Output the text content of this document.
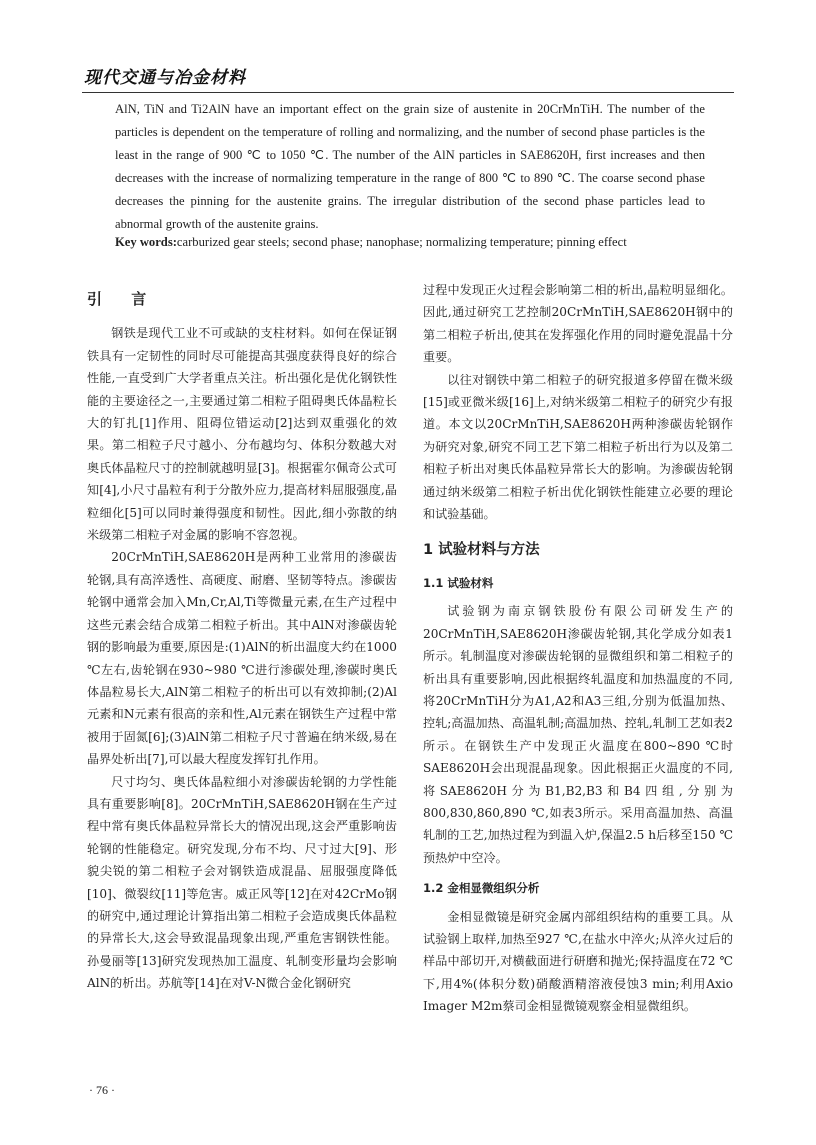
现代交通与冶金材料
AlN, TiN and Ti2AlN have an important effect on the grain size of austenite in 20CrMnTiH. The number of the particles is dependent on the temperature of rolling and normalizing, and the number of second phase particles is the least in the range of 900 ℃ to 1050 ℃. The number of the AlN particles in SAE8620H, first increases and then decreases with the increase of normalizing temperature in the range of 800 ℃ to 890 ℃. The coarse second phase decreases the pinning for the austenite grains. The irregular distribution of the second phase particles lead to abnormal growth of the austenite grains.
Key words:carburized gear steels; second phase; nanophase; normalizing temperature; pinning effect

引 言

钢铁是现代工业不可或缺的支柱材料。如何在保证钢铁具有一定韧性的同时尽可能提高其强度获得良好的综合性能,一直受到广大学者重点关注。析出强化是优化钢铁性能的主要途径之一,主要通过第二相粒子阻碍奥氏体晶粒长大的钉扎[1]作用、阻碍位错运动[2]达到双重强化的效果。第二相粒子尺寸越小、分布越均匀、体积分数越大对奥氏体晶粒尺寸的控制就越明显[3]。根据霍尔佩奇公式可知[4],小尺寸晶粒有利于分散外应力,提高材料屈服强度,晶粒细化[5]可以同时兼得强度和韧性。因此,细小弥散的纳米级第二相粒子对金属的影响不容忽视。

20CrMnTiH,SAE8620H是两种工业常用的渗碳齿轮钢,具有高淬透性、高硬度、耐磨、坚韧等特点。渗碳齿轮钢中通常会加入Mn,Cr,Al,Ti等微量元素,在生产过程中这些元素会结合成第二相粒子析出。其中AlN对渗碳齿轮钢的影响最为重要,原因是:(1)AlN的析出温度大约在1000 ℃左右,齿轮钢在930~980 ℃进行渗碳处理,渗碳时奥氏体晶粒易长大,AlN第二相粒子的析出可以有效抑制;(2)Al元素和N元素有很高的亲和性,Al元素在钢铁生产过程中常被用于固氮[6];(3)AlN第二相粒子尺寸普遍在纳米级,易在晶界处析出[7],可以最大程度发挥钉扎作用。

尺寸均匀、奥氏体晶粒细小对渗碳齿轮钢的力学性能具有重要影响[8]。20CrMnTiH,SAE8620H钢在生产过程中常有奥氏体晶粒异常长大的情况出现,这会严重影响齿轮钢的性能稳定。研究发现,分布不均、尺寸过大[9]、形貌尖锐的第二相粒子会对钢铁造成混晶、屈服强度降低[10]、微裂纹[11]等危害。威正风等[12]在对42CrMo钢的研究中,通过理论计算指出第二相粒子会造成奥氏体晶粒的异常长大,这会导致混晶现象出现,严重危害钢铁性能。孙曼丽等[13]研究发现热加工温度、轧制变形量均会影响AlN的析出。苏航等[14]在对V-N微合金化钢研究

过程中发现正火过程会影响第二相的析出,晶粒明显细化。因此,通过研究工艺控制20CrMnTiH,SAE8620H钢中的第二相粒子析出,使其在发挥强化作用的同时避免混晶十分重要。

以往对钢铁中第二相粒子的研究报道多停留在微米级[15]或亚微米级[16]上,对纳米级第二相粒子的研究少有报道。本文以20CrMnTiH,SAE8620H两种渗碳齿轮钢作为研究对象,研究不同工艺下第二相粒子析出行为以及第二相粒子析出对奥氏体晶粒异常长大的影响。为渗碳齿轮钢通过纳米级第二相粒子析出优化钢铁性能建立必要的理论和试验基础。

1 试验材料与方法

1.1 试验材料

试验钢为南京钢铁股份有限公司研发生产的20CrMnTiH,SAE8620H渗碳齿轮钢,其化学成分如表1所示。轧制温度对渗碳齿轮钢的显微组织和第二相粒子的析出具有重要影响,因此根据终轧温度和加热温度的不同,将20CrMnTiH分为A1,A2和A3三组,分别为低温加热、控轧;高温加热、高温轧制;高温加热、控轧,轧制工艺如表2所示。在钢铁生产中发现正火温度在800~890 ℃时SAE8620H会出现混晶现象。因此根据正火温度的不同,将SAE8620H分为B1,B2,B3和B4四组,分别为800,830,860,890 ℃,如表3所示。采用高温加热、高温轧制的工艺,加热过程为到温入炉,保温2.5 h后移至150 ℃预热炉中空冷。

1.2 金相显微组织分析

金相显微镜是研究金属内部组织结构的重要工具。从试验钢上取样,加热至927 ℃,在盐水中淬火;从淬火过后的样品中部切开,对横截面进行研磨和抛光;保持温度在72 ℃下,用4%(体积分数)硝酸酒精溶液侵蚀3 min;利用Axio Imager M2m蔡司金相显微镜观察金相显微组织。

· 76 ·
